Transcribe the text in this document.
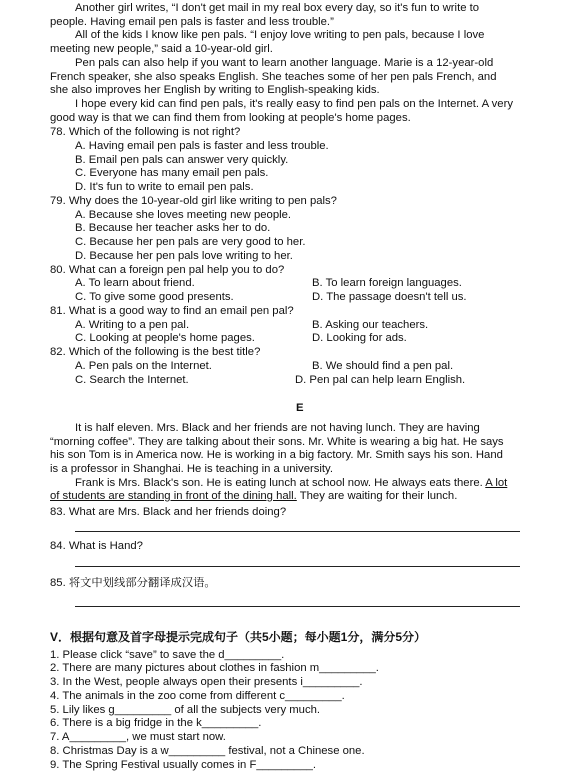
Another girl writes, “I don't get mail in my real box every day, so it's fun to write to
people. Having email pen pals is faster and less trouble.”
All of the kids I know like pen pals. “I enjoy love writing to pen pals, because I love
meeting new people,” said a 10-year-old girl.
Pen pals can also help if you want to learn another language. Marie is a 12-year-old
French speaker, she also speaks English. She teaches some of her pen pals French, and
she also improves her English by writing to English-speaking kids.
I hope every kid can find pen pals, it's really easy to find pen pals on the Internet. A very
good way is that we can find them from looking at people's home pages.
78. Which of the following is not right?
A. Having email pen pals is faster and less trouble.
B. Email pen pals can answer very quickly.
C. Everyone has many email pen pals.
D. It's fun to write to email pen pals.
79. Why does the 10-year-old girl like writing to pen pals?
A. Because she loves meeting new people.
B. Because her teacher asks her to do.
C. Because her pen pals are very good to her.
D. Because her pen pals love writing to her.
80. What can a foreign pen pal help you to do?
A. To learn about friend.	B. To learn foreign languages.
C. To give some good presents.	D. The passage doesn't tell us.
81. What is a good way to find an email pen pal?
A. Writing to a pen pal.	B. Asking our teachers.
C. Looking at people's home pages.	D. Looking for ads.
82. Which of the following is the best title?
A. Pen pals on the Internet.	B. We should find a pen pal.
C. Search the Internet.	D. Pen pal can help learn English.
E
It is half eleven. Mrs. Black and her friends are not having lunch. They are having
“morning coffee”. They are talking about their sons. Mr. White is wearing a big hat. He says
his son Tom is in America now. He is working in a big factory. Mr. Smith says his son. Hand
is a professor in Shanghai. He is teaching in a university.
Frank is Mrs. Black's son. He is eating lunch at school now. He always eats there. A lot
of students are standing in front of the dining hall. They are waiting for their lunch.
83. What are Mrs. Black and her friends doing?
84. What is Hand?
85. 将文中划线部分翻译成汉语。
V．根据句意及首字母提示完成句子（共5小题；每小题1分，满分5分）
1. Please click “save” to save the d_________.
2. There are many pictures about clothes in fashion m_________.
3. In the West, people always open their presents i_________.
4. The animals in the zoo come from different c_________.
5. Lily likes g_________ of all the subjects very much.
6. There is a big fridge in the k_________.
7. A_________, we must start now.
8. Christmas Day is a w_________ festival, not a Chinese one.
9. The Spring Festival usually comes in F_________.
